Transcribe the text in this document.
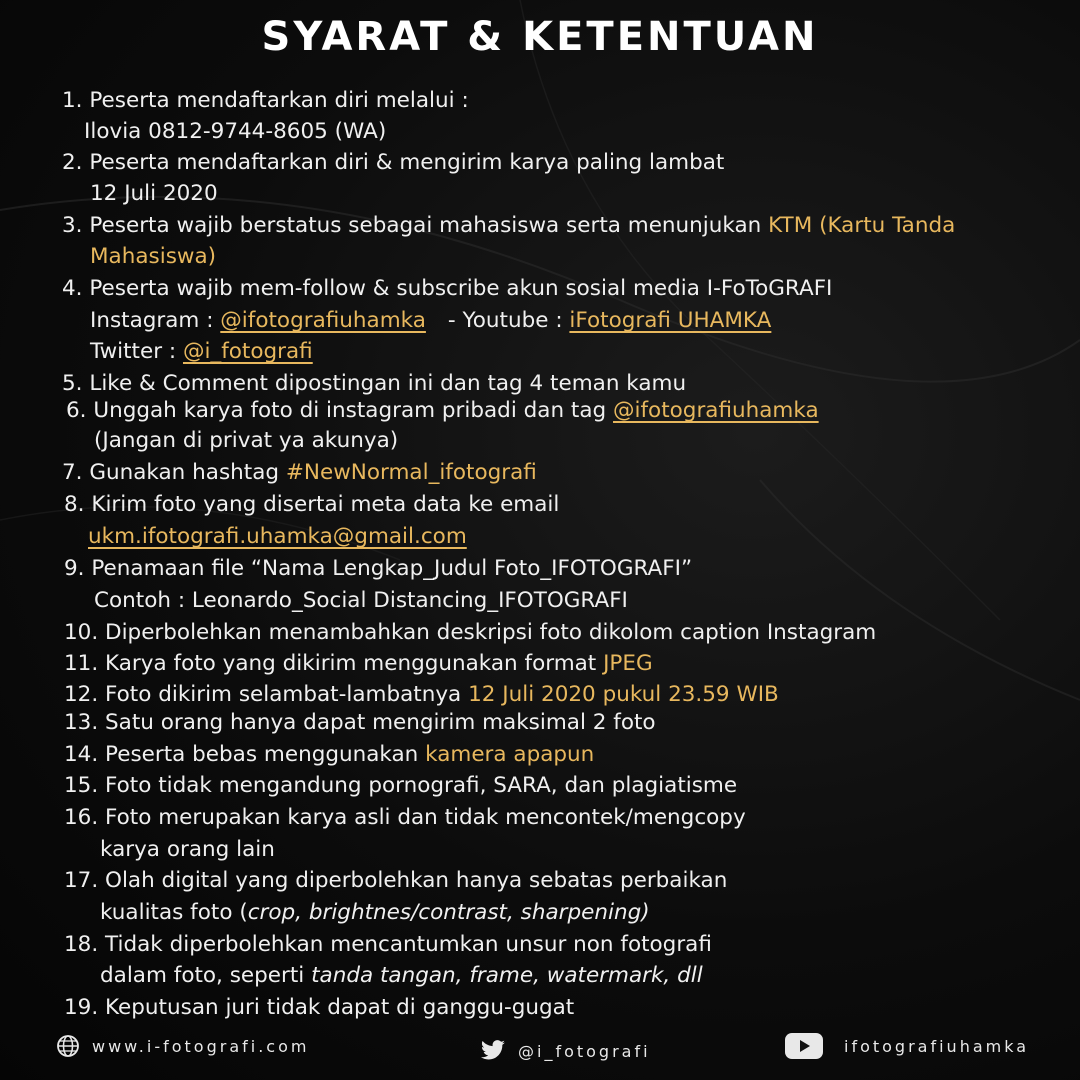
SYARAT & KETENTUAN
1. Peserta mendaftarkan diri melalui :
Ilovia 0812-9744-8605 (WA)
2. Peserta mendaftarkan diri & mengirim karya paling lambat
12 Juli 2020
3. Peserta wajib berstatus sebagai mahasiswa serta menunjukan KTM (Kartu Tanda
Mahasiswa)
4. Peserta wajib mem-follow & subscribe akun sosial media I-FoToGRAFI
Instagram : @ifotografiuhamka - Youtube : iFotografi UHAMKA
Twitter : @i_fotografi
5. Like & Comment dipostingan ini dan tag 4 teman kamu
6. Unggah karya foto di instagram pribadi dan tag @ifotografiuhamka
(Jangan di privat ya akunya)
7. Gunakan hashtag #NewNormal_ifotografi
8. Kirim foto yang disertai meta data ke email
ukm.ifotografi.uhamka@gmail.com
9. Penamaan file “Nama Lengkap_Judul Foto_IFOTOGRAFI”
Contoh : Leonardo_Social Distancing_IFOTOGRAFI
10. Diperbolehkan menambahkan deskripsi foto dikolom caption Instagram
11. Karya foto yang dikirim menggunakan format JPEG
12. Foto dikirim selambat-lambatnya 12 Juli 2020 pukul 23.59 WIB
13. Satu orang hanya dapat mengirim maksimal 2 foto
14. Peserta bebas menggunakan kamera apapun
15. Foto tidak mengandung pornografi, SARA, dan plagiatisme
16. Foto merupakan karya asli dan tidak mencontek/mengcopy
karya orang lain
17. Olah digital yang diperbolehkan hanya sebatas perbaikan
kualitas foto (crop, brightnes/contrast, sharpening)
18. Tidak diperbolehkan mencantumkan unsur non fotografi
dalam foto, seperti tanda tangan, frame, watermark, dll
19. Keputusan juri tidak dapat di ganggu-gugat
www.i-fotografi.com	@i_fotografi	ifotografiuhamka
